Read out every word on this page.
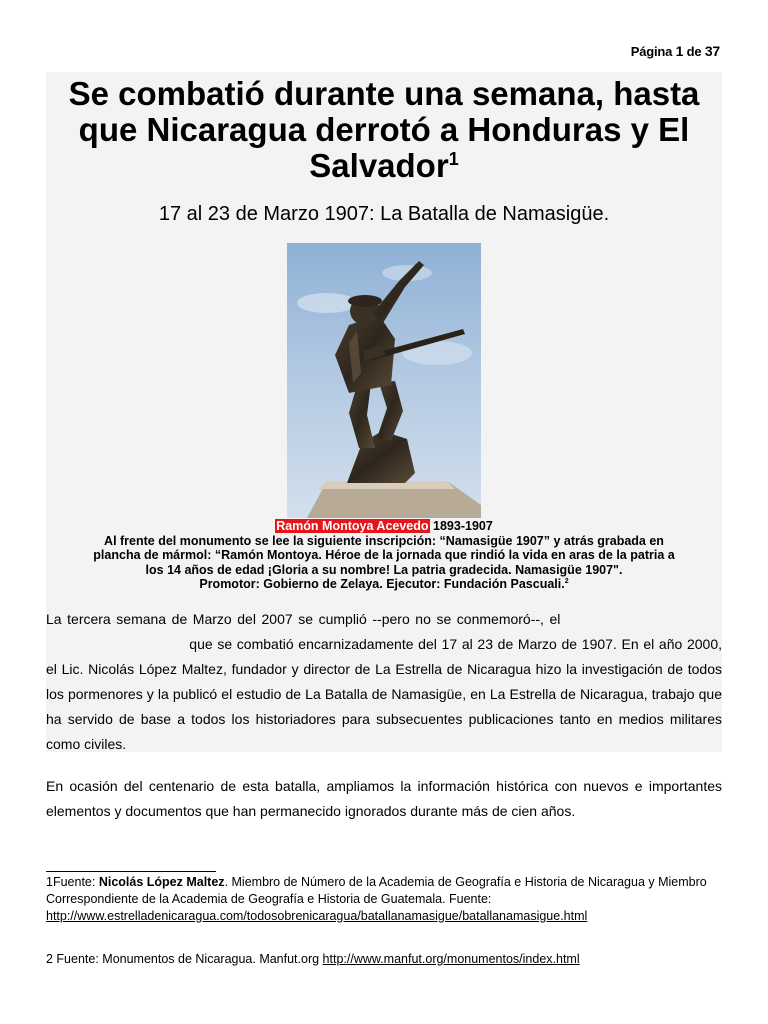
Página 1 de 37
Se combatió durante una semana, hasta
que Nicaragua derrotó a Honduras y El
Salvador$^1$

17 al 23 de Marzo 1907: La Batalla de Namasigüe.

Ramón Montoya Acevedo 1893-1907
Al frente del monumento se lee la siguiente inscripción: “Namasigüe 1907” y atrás grabada en
plancha de mármol: “Ramón Montoya. Héroe de la jornada que rindió la vida en aras de la patria a
los 14 años de edad ¡Gloria a su nombre! La patria gradecida. Namasigüe 1907".
Promotor: Gobierno de Zelaya. Ejecutor: Fundación Pascuali.$^2$

La tercera semana de Marzo del 2007 se cumplió --pero no se conmemoró--, el primer Centenario de La Batalla de Namasigüe que se combatió encarnizadamente del 17 al 23 de Marzo de 1907. En el año 2000, el Lic. Nicolás López Maltez, fundador y director de La Estrella de Nicaragua hizo la investigación de todos los pormenores y la publicó el estudio de La Batalla de Namasigüe, en La Estrella de Nicaragua, trabajo que ha servido de base a todos los historiadores para subsecuentes publicaciones tanto en medios militares como civiles.

En ocasión del centenario de esta batalla, ampliamos la información histórica con nuevos e importantes elementos y documentos que han permanecido ignorados durante más de cien años.

1Fuente: Nicolás López Maltez. Miembro de Número de la Academia de Geografía e Historia de Nicaragua y Miembro Correspondiente de la Academia de Geografía e Historia de Guatemala. Fuente: http://www.estrelladenicaragua.com/todosobrenicaragua/batallanamasigue/batallanamasigue.html

2 Fuente: Monumentos de Nicaragua. Manfut.org http://www.manfut.org/monumentos/index.html
